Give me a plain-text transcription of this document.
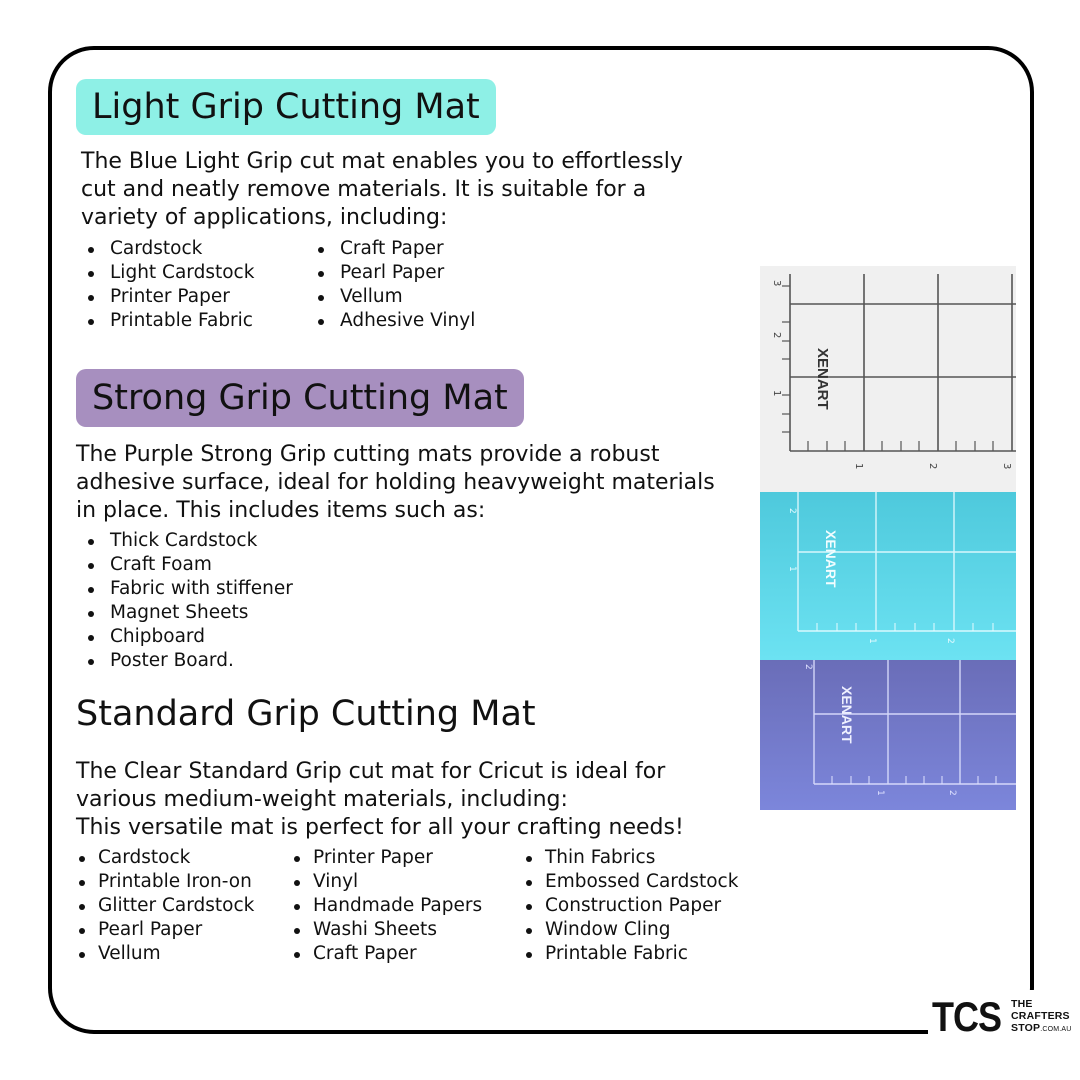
Light Grip Cutting Mat

The Blue Light Grip cut mat enables you to effortlessly cut and neatly remove materials. It is suitable for a variety of applications, including:

Cardstock
Light Cardstock
Printer Paper
Printable Fabric
Craft Paper
Pearl Paper
Vellum
Adhesive Vinyl
Strong Grip Cutting Mat

The Purple Strong Grip cutting mats provide a robust adhesive surface, ideal for holding heavyweight materials in place. This includes items such as:

Thick Cardstock
Craft Foam
Fabric with stiffener
Magnet Sheets
Chipboard
Poster Board.
Standard Grip Cutting Mat

The Clear Standard Grip cut mat for Cricut is ideal for various medium-weight materials, including:

This versatile mat is perfect for all your crafting needs!

Cardstock
Printable Iron-on
Glitter Cardstock
Pearl Paper
Vellum
Printer Paper
Vinyl
Handmade Papers
Washi Sheets
Craft Paper
Thin Fabrics
Embossed Cardstock
Construction Paper
Window Cling
Printable Fabric
3
2
1
1	2	3
XENART
2
1
1	2
XENART
2
1	2
XENART
TCS THE
CRAFTERS
STOP.COM.AU
